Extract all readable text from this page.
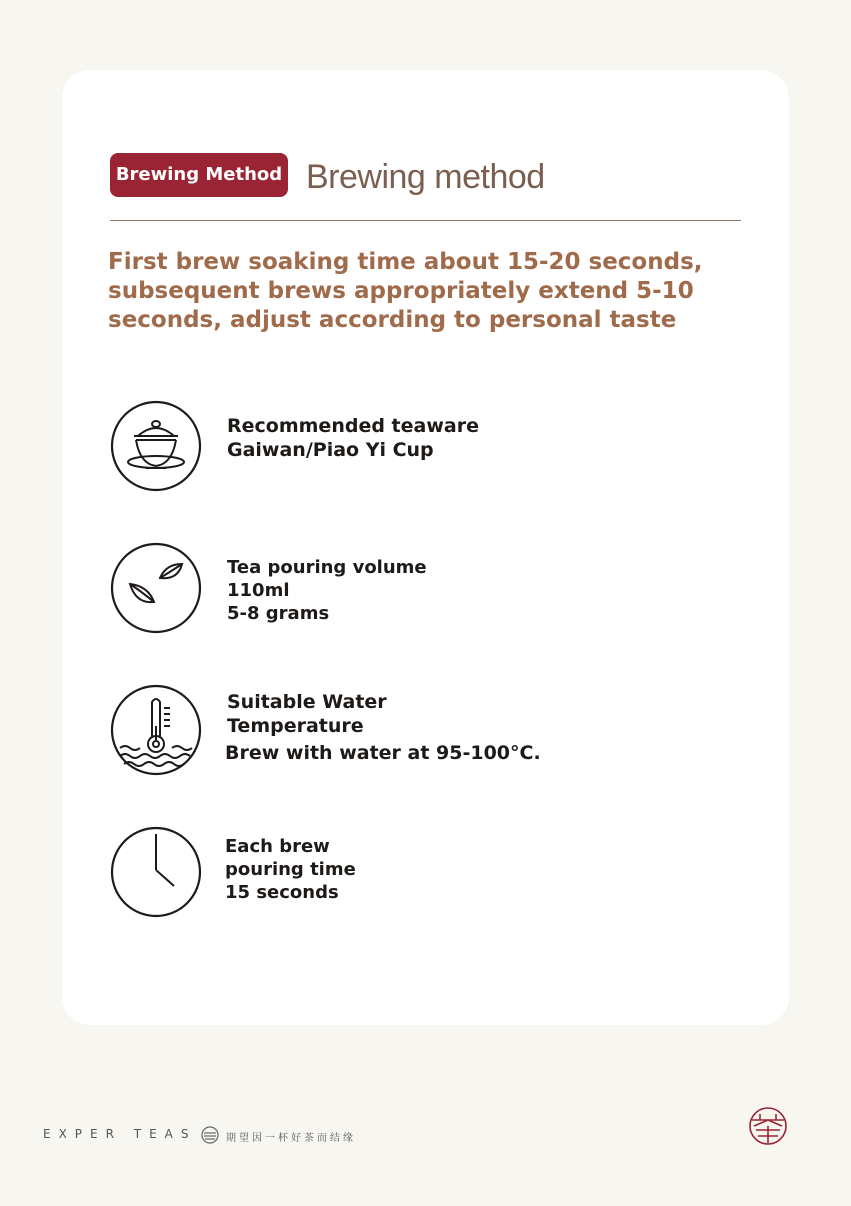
Brewing Method Brewing method
First brew soaking time about 15-20 seconds,
subsequent brews appropriately extend 5-10
seconds, adjust according to personal taste
Recommended teaware
Gaiwan/Piao Yi Cup
Tea pouring volume
110ml
5-8 grams
Suitable Water
Temperature
Brew with water at 95-100°C.
Each brew
pouring time
15 seconds
EXPER TEAS	期望因一杯好茶而结缘
